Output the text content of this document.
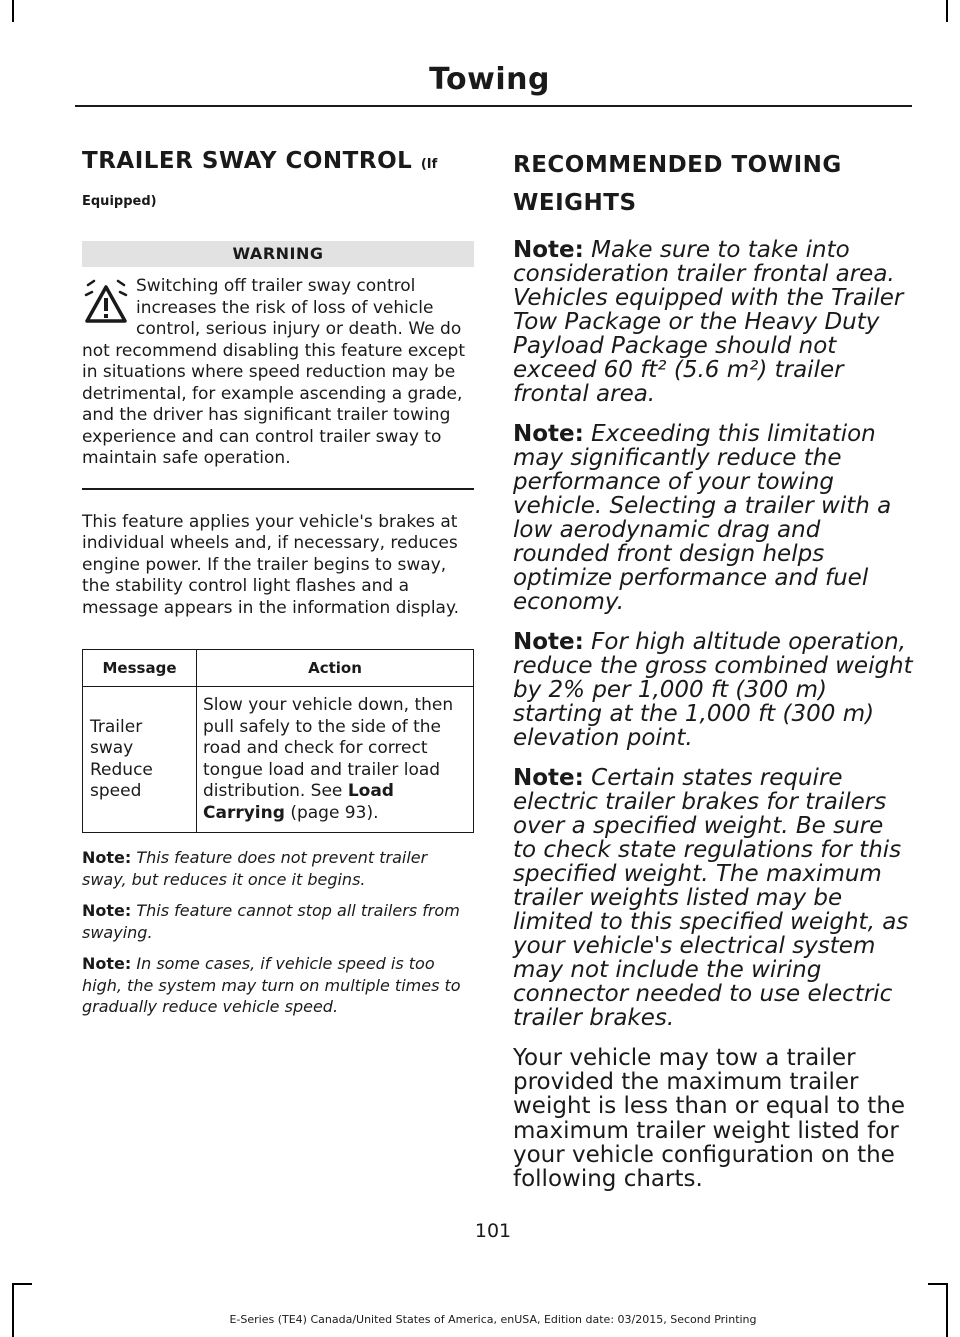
Towing
TRAILER SWAY CONTROL (If
Equipped)
WARNING
Switching off trailer sway control increases the risk of loss of vehicle control, serious injury or death. We do not recommend disabling this feature except in situations where speed reduction may be detrimental, for example ascending a grade, and the driver has significant trailer towing experience and can control trailer sway to maintain safe operation.
This feature applies your vehicle's brakes at individual wheels and, if necessary, reduces engine power. If the trailer begins to sway, the stability control light flashes and a message appears in the information display.
Message	Action
Trailer sway Reduce speed	Slow your vehicle down, then pull safely to the side of the road and check for correct tongue load and trailer load distribution. See Load Carrying (page 93).
Note: This feature does not prevent trailer sway, but reduces it once it begins.
Note: This feature cannot stop all trailers from swaying.
Note: In some cases, if vehicle speed is too high, the system may turn on multiple times to gradually reduce vehicle speed.
RECOMMENDED TOWING WEIGHTS
Note: Make sure to take into consideration trailer frontal area. Vehicles equipped with the Trailer Tow Package or the Heavy Duty Payload Package should not exceed 60 ft² (5.6 m²) trailer frontal area.
Note: Exceeding this limitation may significantly reduce the performance of your towing vehicle. Selecting a trailer with a low aerodynamic drag and rounded front design helps optimize performance and fuel economy.
Note: For high altitude operation, reduce the gross combined weight by 2% per 1,000 ft (300 m) starting at the 1,000 ft (300 m) elevation point.
Note: Certain states require electric trailer brakes for trailers over a specified weight. Be sure to check state regulations for this specified weight. The maximum trailer weights listed may be limited to this specified weight, as your vehicle's electrical system may not include the wiring connector needed to use electric trailer brakes.
Your vehicle may tow a trailer provided the maximum trailer weight is less than or equal to the maximum trailer weight listed for your vehicle configuration on the following charts.
101
E-Series (TE4) Canada/United States of America, enUSA, Edition date: 03/2015, Second Printing
